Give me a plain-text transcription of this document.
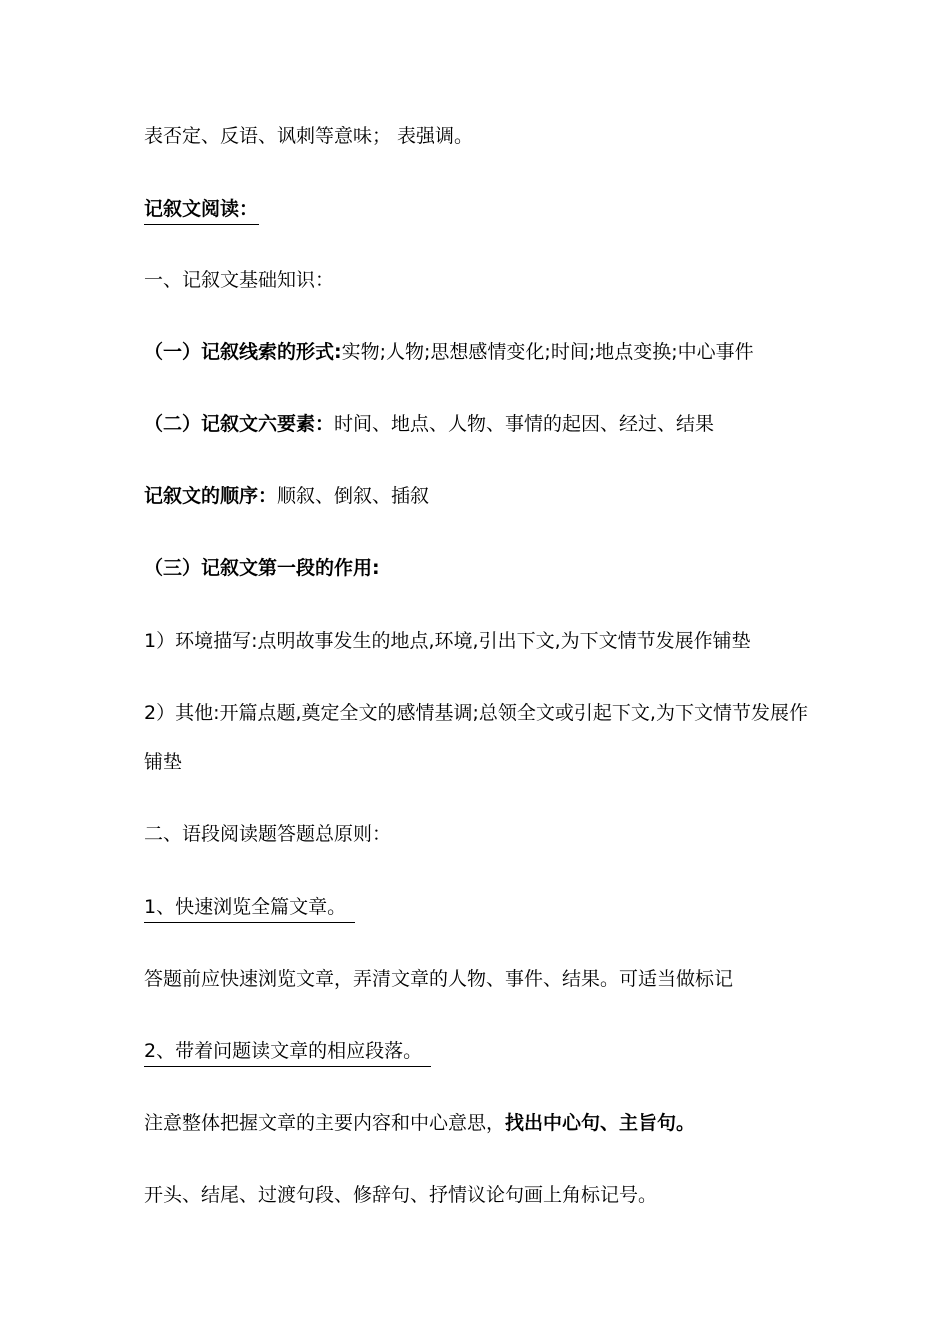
表否定、反语、讽刺等意味； 表强调。
记叙文阅读：
一、记叙文基础知识：
（一）记叙线索的形式:实物;人物;思想感情变化;时间;地点变换;中心事件
（二）记叙文六要素：时间、地点、人物、事情的起因、经过、结果
记叙文的顺序：顺叙、倒叙、插叙
（三）记叙文第一段的作用:
1）环境描写:点明故事发生的地点,环境,引出下文,为下文情节发展作铺垫
2）其他:开篇点题,奠定全文的感情基调;总领全文或引起下文,为下文情节发展作
铺垫
二、语段阅读题答题总原则：
1、快速浏览全篇文章。
答题前应快速浏览文章，弄清文章的人物、事件、结果。可适当做标记
2、带着问题读文章的相应段落。
注意整体把握文章的主要内容和中心意思，找出中心句、主旨句。
开头、结尾、过渡句段、修辞句、抒情议论句画上角标记号。
